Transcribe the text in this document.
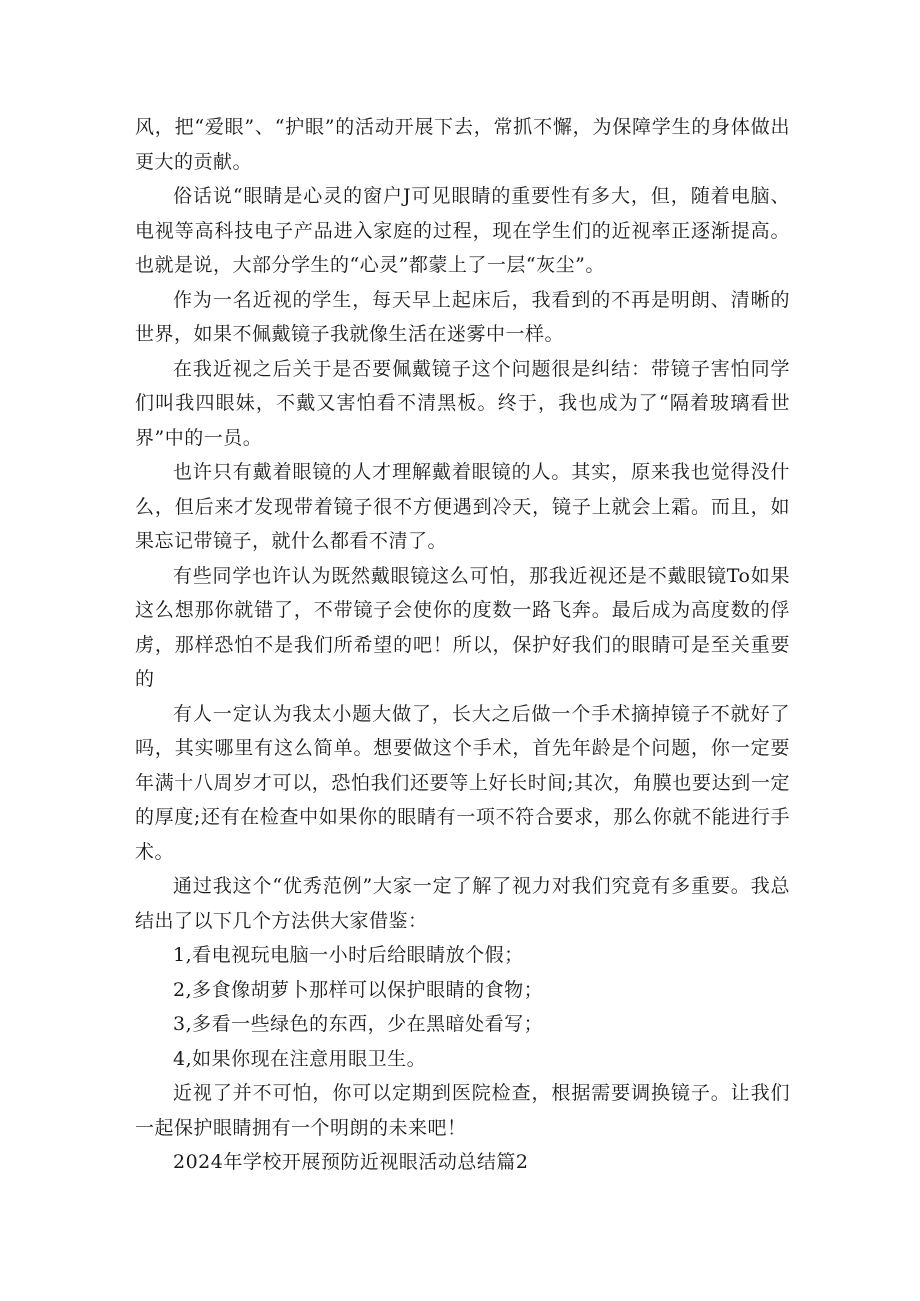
风，把“爱眼”、“护眼”的活动开展下去，常抓不懈，为保障学生的身体做出更大的贡献。

俗话说“眼睛是心灵的窗户J可见眼睛的重要性有多大，但，随着电脑、电视等高科技电子产品进入家庭的过程，现在学生们的近视率正逐渐提高。也就是说，大部分学生的“心灵”都蒙上了一层“灰尘”。

作为一名近视的学生，每天早上起床后，我看到的不再是明朗、清晰的世界，如果不佩戴镜子我就像生活在迷雾中一样。

在我近视之后关于是否要佩戴镜子这个问题很是纠结：带镜子害怕同学们叫我四眼妹，不戴又害怕看不清黑板。终于，我也成为了“隔着玻璃看世界”中的一员。

也许只有戴着眼镜的人才理解戴着眼镜的人。其实，原来我也觉得没什么，但后来才发现带着镜子很不方便遇到冷天，镜子上就会上霜。而且，如果忘记带镜子，就什么都看不清了。

有些同学也许认为既然戴眼镜这么可怕，那我近视还是不戴眼镜To如果这么想那你就错了，不带镜子会使你的度数一路飞奔。最后成为高度数的俘虏，那样恐怕不是我们所希望的吧！所以，保护好我们的眼睛可是至关重要的

有人一定认为我太小题大做了，长大之后做一个手术摘掉镜子不就好了吗，其实哪里有这么简单。想要做这个手术，首先年龄是个问题，你一定要年满十八周岁才可以，恐怕我们还要等上好长时间;其次，角膜也要达到一定的厚度;还有在检查中如果你的眼睛有一项不符合要求，那么你就不能进行手术。

通过我这个“优秀范例”大家一定了解了视力对我们究竟有多重要。我总结出了以下几个方法供大家借鉴：

1,看电视玩电脑一小时后给眼睛放个假；

2,多食像胡萝卜那样可以保护眼睛的食物；

3,多看一些绿色的东西，少在黑暗处看写；

4,如果你现在注意用眼卫生。

近视了并不可怕，你可以定期到医院检查，根据需要调换镜子。让我们一起保护眼睛拥有一个明朗的未来吧！

2024年学校开展预防近视眼活动总结篇2
